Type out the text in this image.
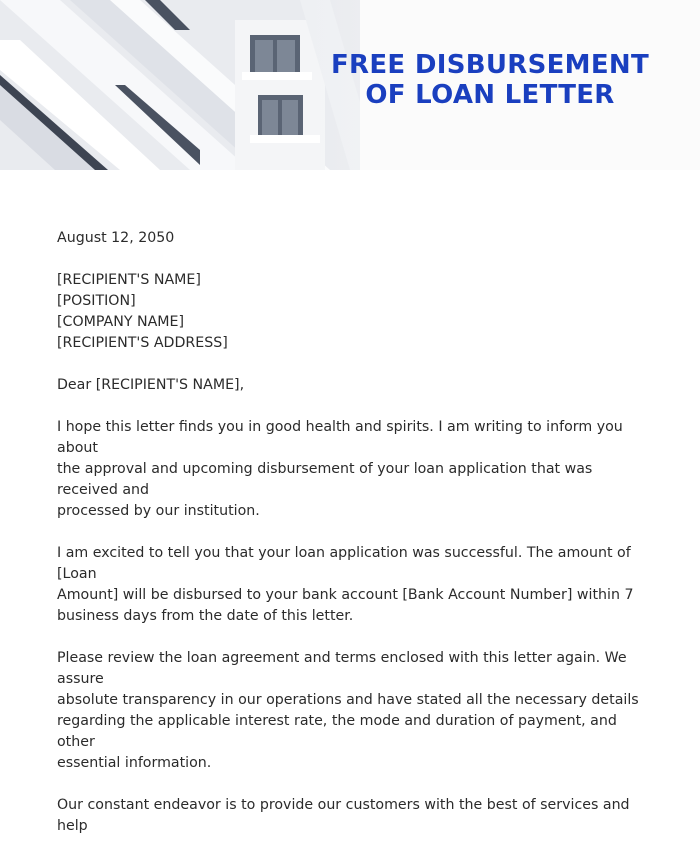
FREE DISBURSEMENT
OF LOAN LETTER

August 12, 2050

[RECIPIENT'S NAME]
[POSITION]
[COMPANY NAME]
[RECIPIENT'S ADDRESS]

Dear [RECIPIENT'S NAME],

I hope this letter finds you in good health and spirits. I am writing to inform you about
the approval and upcoming disbursement of your loan application that was received and
processed by our institution.

I am excited to tell you that your loan application was successful. The amount of [Loan
Amount] will be disbursed to your bank account [Bank Account Number] within 7
business days from the date of this letter.

Please review the loan agreement and terms enclosed with this letter again. We assure
absolute transparency in our operations and have stated all the necessary details
regarding the applicable interest rate, the mode and duration of payment, and other
essential information.

Our constant endeavor is to provide our customers with the best of services and help
